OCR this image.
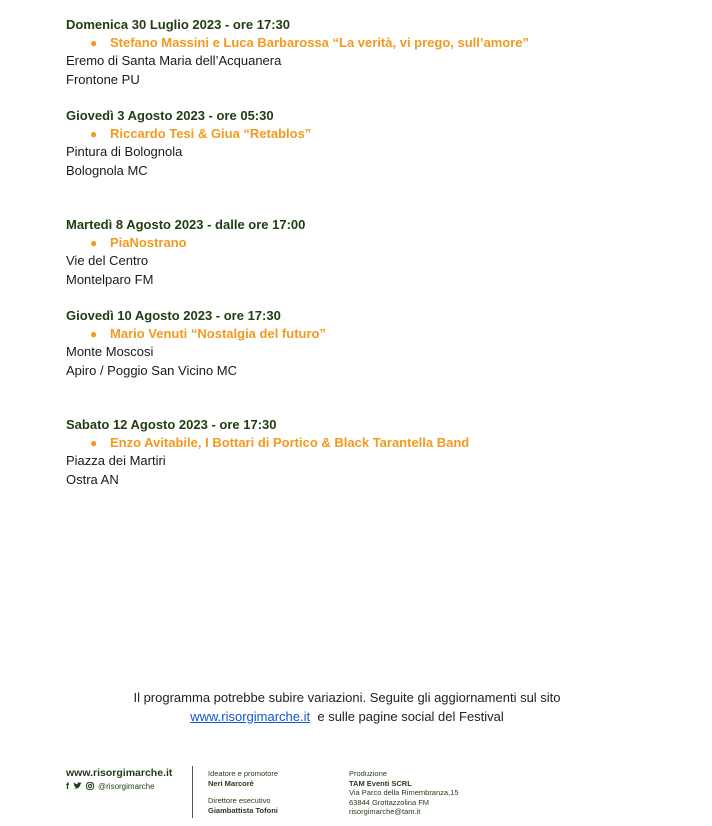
Domenica 30 Luglio 2023 - ore 17:30
● Stefano Massini e Luca Barbarossa “La verità, vi prego, sull’amore”
Eremo di Santa Maria dell’Acquanera
Frontone PU
Giovedì 3 Agosto 2023 - ore 05:30
● Riccardo Tesi & Giua “Retablos”
Pintura di Bolognola
Bolognola MC
Martedì 8 Agosto 2023 - dalle ore 17:00
● PiaNostrano
Vie del Centro
Montelparo FM
Giovedì 10 Agosto 2023 - ore 17:30
● Mario Venuti “Nostalgia del futuro”
Monte Moscosi
Apiro / Poggio San Vicino MC
Sabato 12 Agosto 2023 - ore 17:30
● Enzo Avitabile, I Bottari di Portico & Black Tarantella Band
Piazza dei Martiri
Ostra AN
Il programma potrebbe subire variazioni. Seguite gli aggiornamenti sul sito
www.risorgimarche.it e sulle pagine social del Festival
www.risorgimarche.it
f	@risorgimarche
Ideatore e promotore
Neri Marcorè
Direttore esecutivo
Giambattista Tofoni
Produzione
TAM Eventi SCRL
Via Parco della Rimembranza,15
63844 Grottazzolina FM
risorgimarche@tam.it
